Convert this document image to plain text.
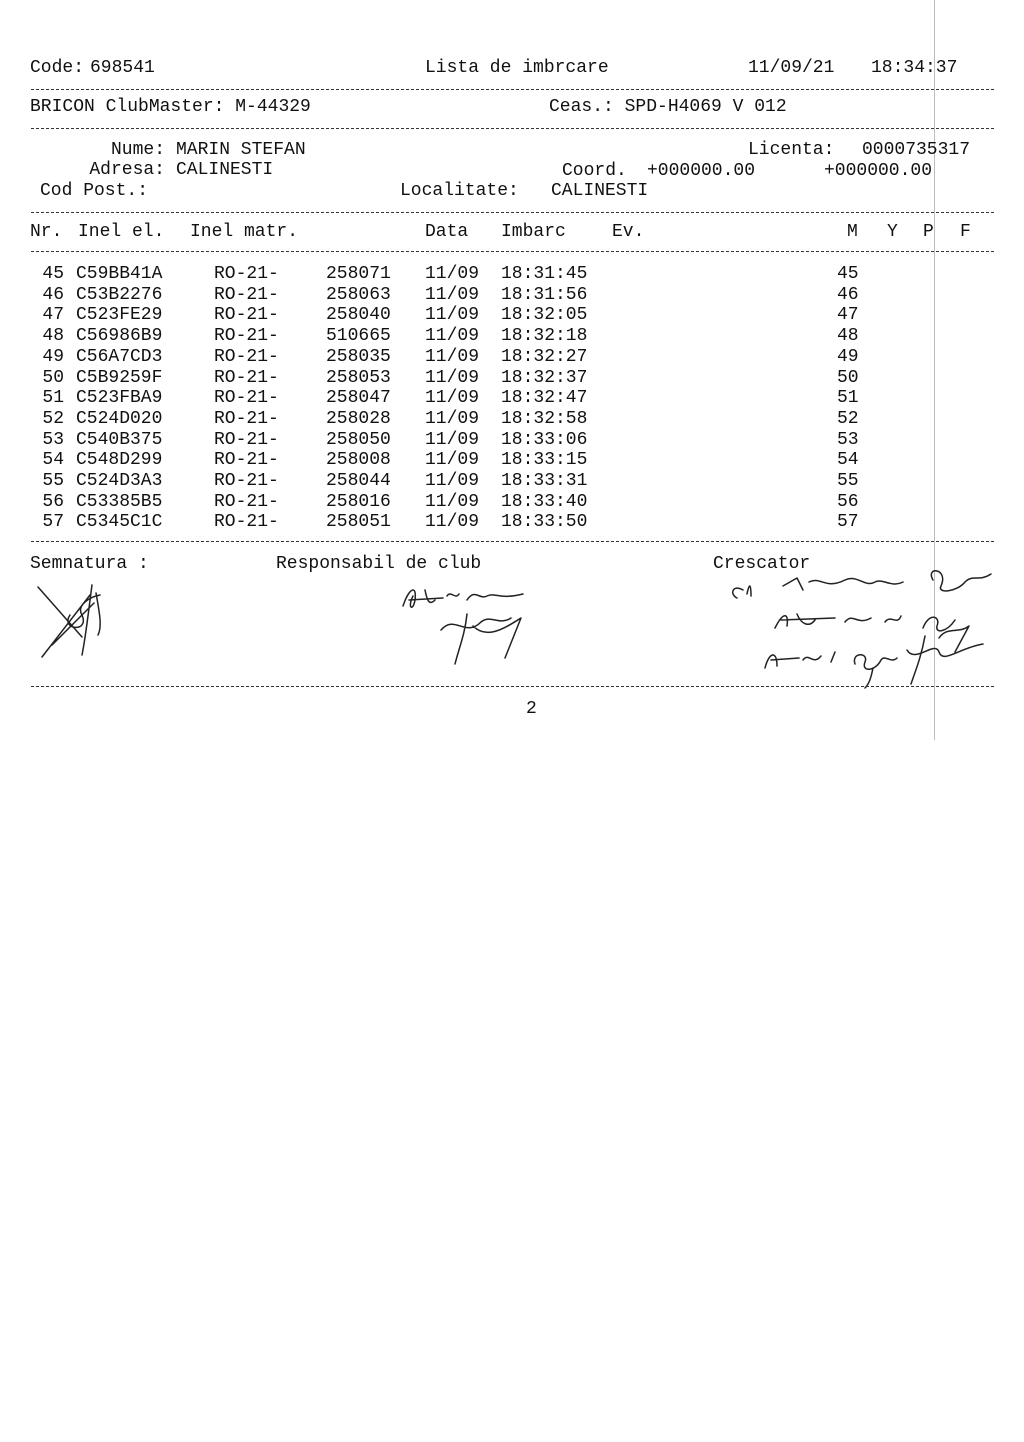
Code: 698541	Lista de imbrcare	11/09/21 18:34:37
BRICON ClubMaster: M-44329	Ceas.: SPD-H4069 V 012
Nume: MARIN STEFAN	Licenta: 0000735317
Adresa: CALINESTI	Coord. +000000.00	+000000.00
Cod Post.:	Localitate: CALINESTI
Nr. Inel el. Inel matr.	Data Imbarc	Ev.	M Y P F
45 C59BB41A	RO-21-	258071 11/09 18:31:45	45
46 C53B2276	RO-21-	258063 11/09 18:31:56	46
47 C523FE29	RO-21-	258040 11/09 18:32:05	47
48 C56986B9	RO-21-	510665 11/09 18:32:18	48
49 C56A7CD3	RO-21-	258035 11/09 18:32:27	49
50 C5B9259F	RO-21-	258053 11/09 18:32:37	50
51 C523FBA9	RO-21-	258047 11/09 18:32:47	51
52 C524D020	RO-21-	258028 11/09 18:32:58	52
53 C540B375	RO-21-	258050 11/09 18:33:06	53
54 C548D299	RO-21-	258008 11/09 18:33:15	54
55 C524D3A3	RO-21-	258044 11/09 18:33:31	55
56 C53385B5	RO-21-	258016 11/09 18:33:40	56
57 C5345C1C	RO-21-	258051 11/09 18:33:50	57
Semnatura :	Responsabil de club	Crescator
2
